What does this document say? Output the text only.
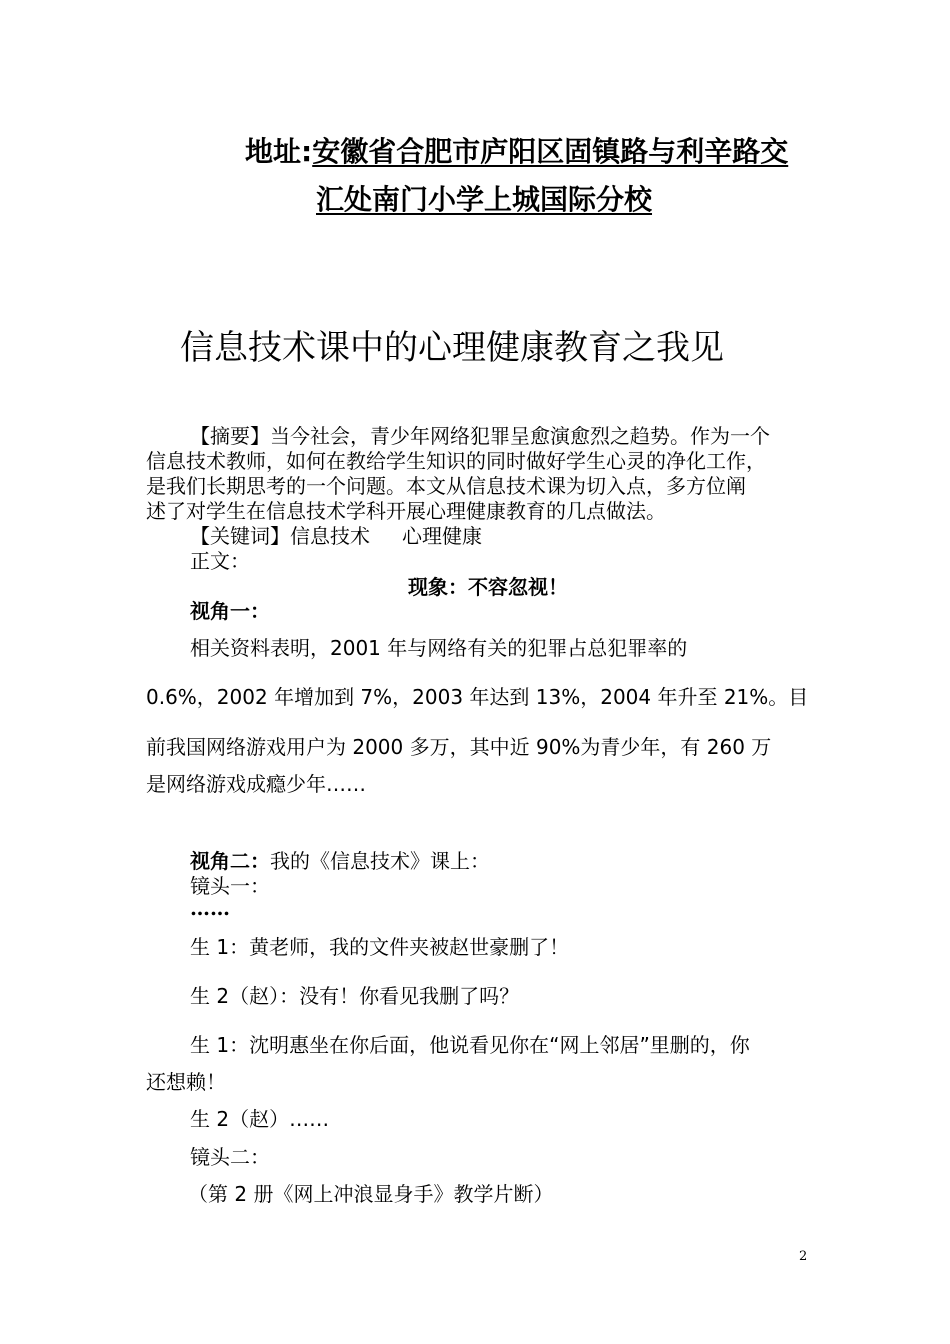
地址:安徽省合肥市庐阳区固镇路与利辛路交
汇处南门小学上城国际分校
信息技术课中的心理健康教育之我见
【摘要】当今社会，青少年网络犯罪呈愈演愈烈之趋势。作为一个
信息技术教师，如何在教给学生知识的同时做好学生心灵的净化工作，
是我们长期思考的一个问题。本文从信息技术课为切入点，多方位阐
述了对学生在信息技术学科开展心理健康教育的几点做法。
【关键词】信息技术 心理健康
正文：
现象：不容忽视！
视角一：
相关资料表明，2001 年与网络有关的犯罪占总犯罪率的
0.6%，2002 年增加到 7%，2003 年达到 13%，2004 年升至 21%。目
前我国网络游戏用户为 2000 多万，其中近 90%为青少年，有 260 万
是网络游戏成瘾少年……
视角二：我的《信息技术》课上：
镜头一：
……
生 1：黄老师，我的文件夹被赵世豪删了！
生 2（赵）：没有！你看见我删了吗？
生 1：沈明惠坐在你后面，他说看见你在“网上邻居”里删的，你
还想赖！
生 2（赵）……
镜头二：
（第 2 册《网上冲浪显身手》教学片断）
2
